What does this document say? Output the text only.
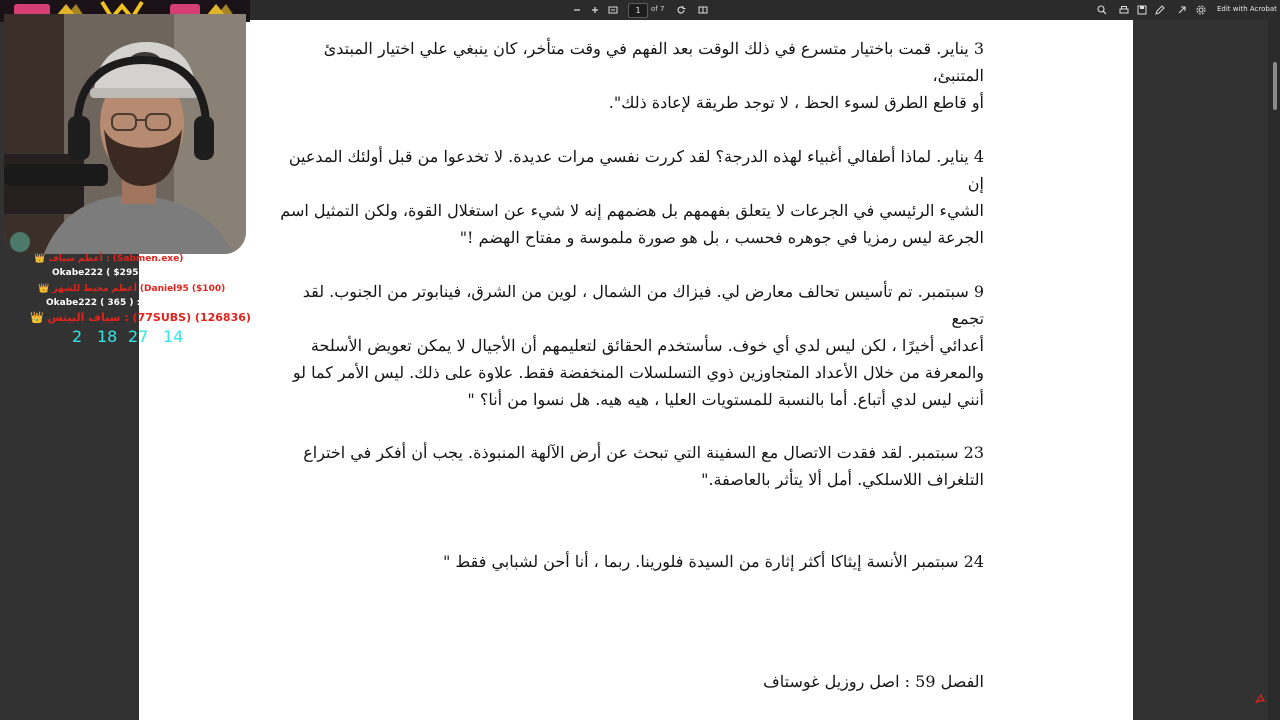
1	of 7	Edit with Acrobat

3 يناير. قمت باختيار متسرع في ذلك الوقت بعد الفهم في وقت متأخر، كان ينبغي علي اختيار المبتدئ المتنبئ،
أو قاطع الطرق لسوء الحظ ، لا توجد طريقة لإعادة ذلك".

4 يناير. لماذا أطفالي أغبياء لهذه الدرجة؟ لقد كررت نفسي مرات عديدة. لا تخدعوا من قبل أولئك المدعين إن
الشيء الرئيسي في الجرعات لا يتعلق بفهمهم بل هضمهم إنه لا شيء عن استغلال القوة، ولكن التمثيل اسم
الجرعة ليس رمزيا في جوهره فحسب ، بل هو صورة ملموسة و مفتاح الهضم !"

9 سبتمبر. تم تأسيس تحالف معارض لي. فيزاك من الشمال ، لوين من الشرق، فينابوتر من الجنوب. لقد تجمع
أعدائي أخيرًا ، لكن ليس لدي أي خوف. سأستخدم الحقائق لتعليمهم أن الأجيال لا يمكن تعويض الأسلحة
والمعرفة من خلال الأعداد المتجاوزين ذوي التسلسلات المنخفضة فقط. علاوة على ذلك. ليس الأمر كما لو
أنني ليس لدي أتباع. أما بالنسبة للمستويات العليا ، هيه هيه. هل نسوا من أنا؟ "

23 سبتمبر. لقد فقدت الاتصال مع السفينة التي تبحث عن أرض الآلهة المنبوذة. يجب أن أفكر في اختراع
التلغراف اللاسلكي. أمل ألا يتأثر بالعاصفة."

24 سبتمبر الأنسة إيثاكا أكثر إثارة من السيدة فلورينا. ربما ، أنا أحن لشبابي فقط "

الفصل 59 : اصل روزيل غوستاف

👑 أعظم سياف : (Sabmen.exe)
Okabe222 ( $295.00
👑 أعظم مخبط للشهر (Daniel95 ($100)
Okabe222 ( 365 ) :الشهر
👑 سياف البيتس : (77SUBS) (126836)
2 18 27 14
